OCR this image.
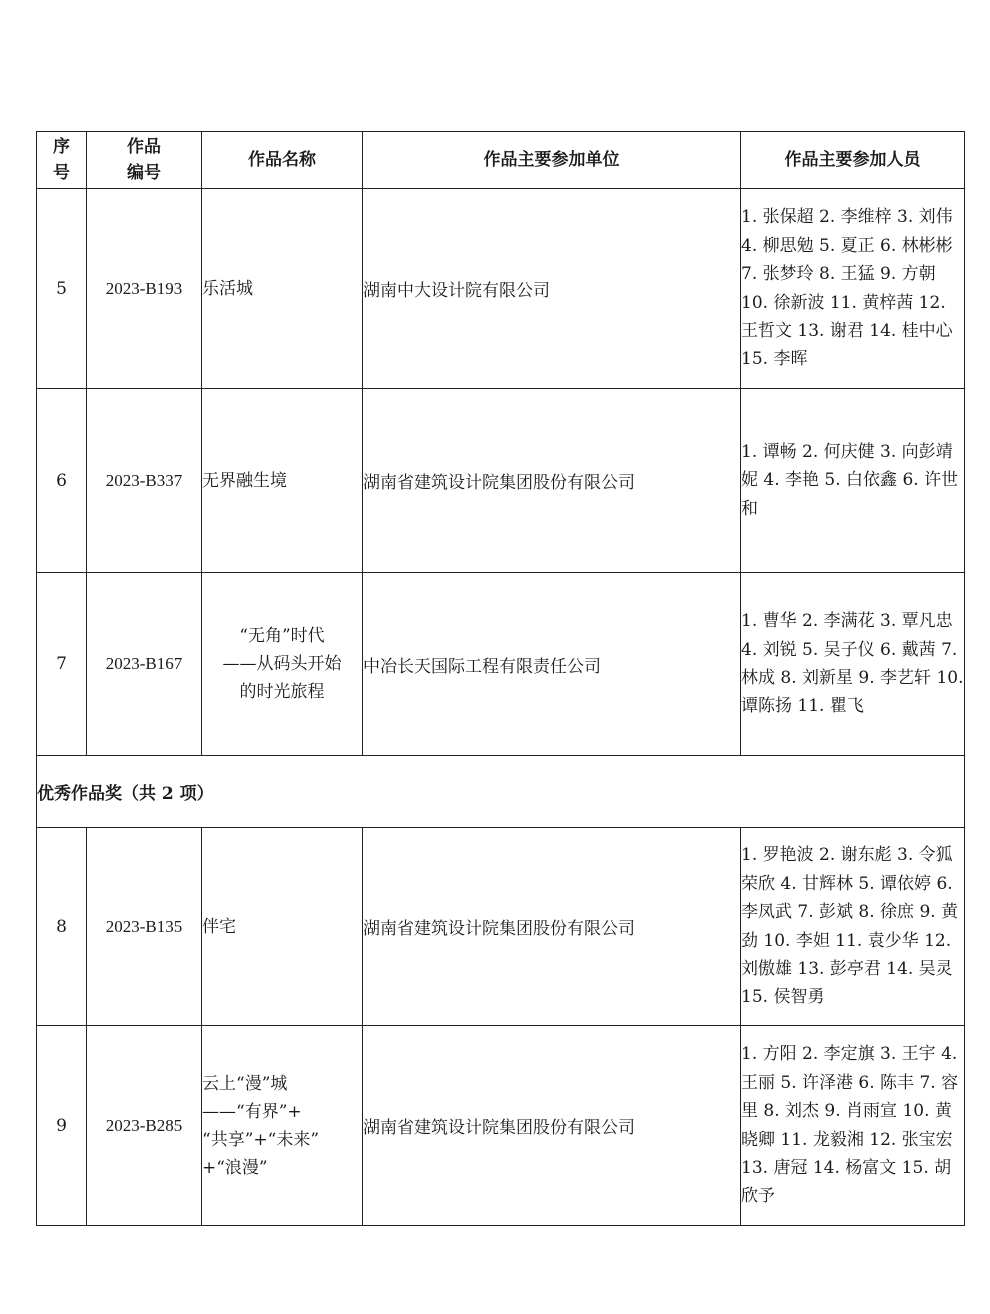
序
号	作品
编号	作品名称	作品主要参加单位	作品主要参加人员
5	2023-B193	乐活城	湖南中大设计院有限公司	1. 张保超 2. 李维梓 3. 刘伟 4. 柳思勉 5. 夏正 6. 林彬彬 7. 张梦玲 8. 王猛 9. 方朝 10. 徐新波 11. 黄梓茜 12. 王哲文 13. 谢君 14. 桂中心 15. 李晖
6	2023-B337	无界融生境	湖南省建筑设计院集团股份有限公司	1. 谭畅 2. 何庆健 3. 向彭靖妮 4. 李艳 5. 白依鑫 6. 许世和
7	2023-B167	“无角”时代
——从码头开始
的时光旅程	中冶长天国际工程有限责任公司	1. 曹华 2. 李满花 3. 覃凡忠 4. 刘锐 5. 吴子仪 6. 戴茜 7. 林成 8. 刘新星 9. 李艺轩 10. 谭陈扬 11. 瞿飞
优秀作品奖（共 2 项）				
8	2023-B135	伴宅	湖南省建筑设计院集团股份有限公司	1. 罗艳波 2. 谢东彪 3. 令狐荣欣 4. 甘辉林 5. 谭依婷 6. 李凤武 7. 彭斌 8. 徐庶 9. 黄劲 10. 李妲 11. 袁少华 12. 刘傲雄 13. 彭亭君 14. 吴灵 15. 侯智勇
9	2023-B285	云上“漫”城
——“有界”+
“共享”+“未来”
+“浪漫”	湖南省建筑设计院集团股份有限公司	1. 方阳 2. 李定旗 3. 王宇 4. 王丽 5. 许泽港 6. 陈丰 7. 容里 8. 刘杰 9. 肖雨宣 10. 黄晓卿 11. 龙毅湘 12. 张宝宏 13. 唐冠 14. 杨富文 15. 胡欣予
